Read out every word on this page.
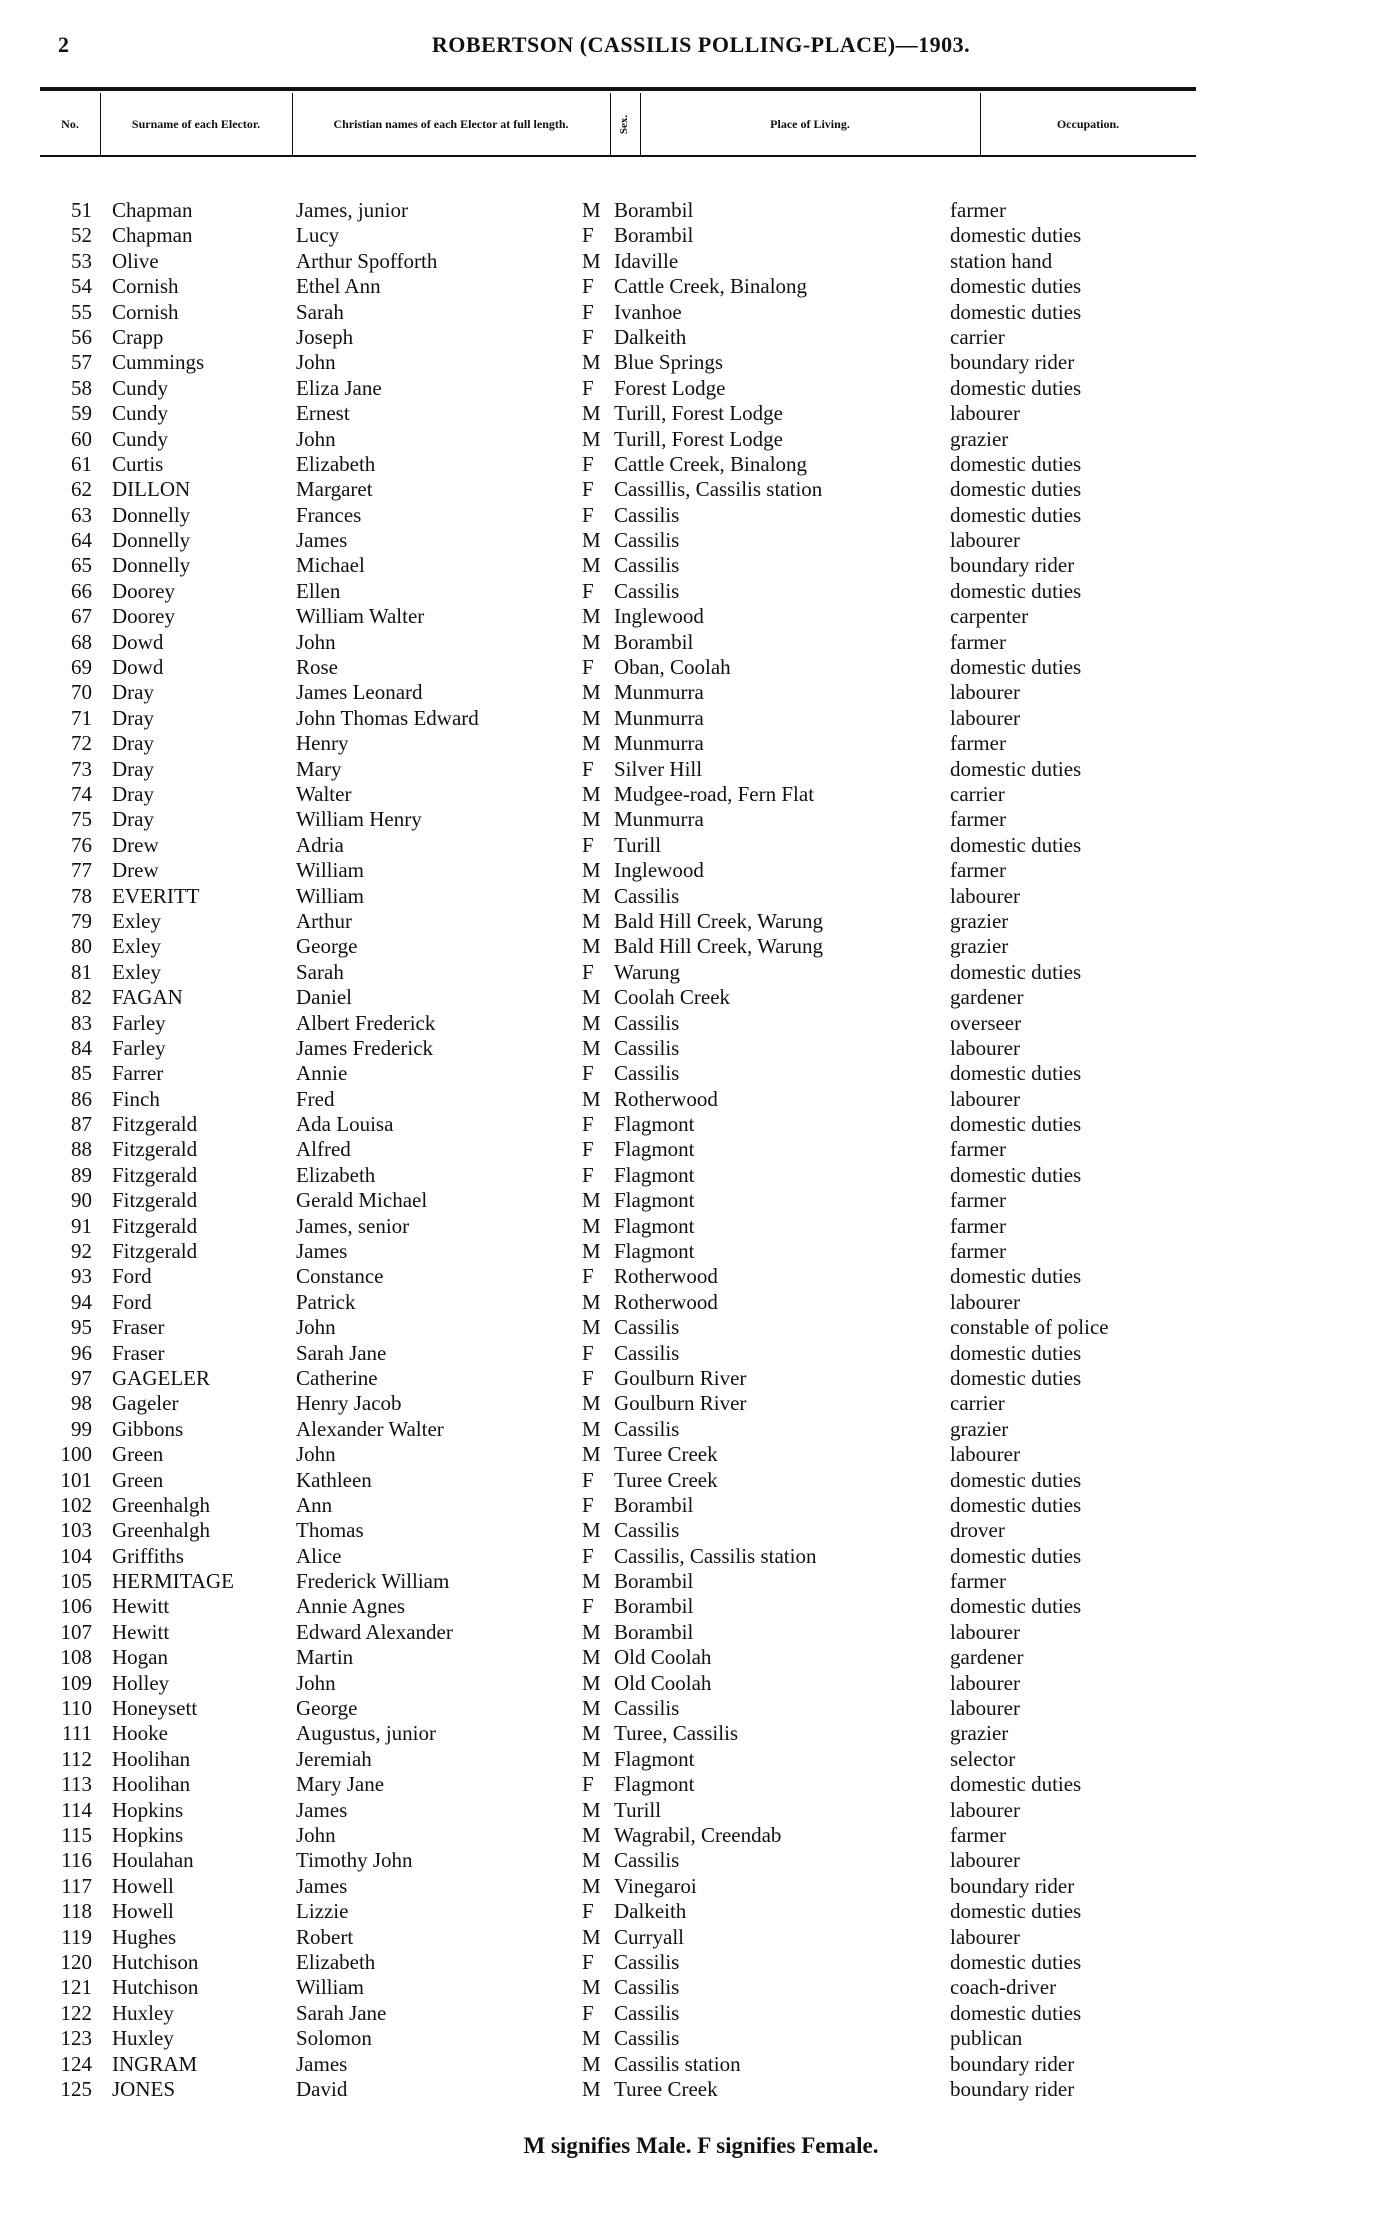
2	ROBERTSON (CASSILIS POLLING-PLACE)—1903.
No.	Surname of each Elector.	Christian names of each Elector at full length.	Sex.	Place of Living.	Occupation.
51 Chapman	James, junior	M Borambil	farmer
52 Chapman	Lucy	F Borambil	domestic duties
53 Olive	Arthur Spofforth	M Idaville	station hand
54 Cornish	Ethel Ann	F Cattle Creek, Binalong	domestic duties
55 Cornish	Sarah	F Ivanhoe	domestic duties
56 Crapp	Joseph	F Dalkeith	carrier
57 Cummings	John	M Blue Springs	boundary rider
58 Cundy	Eliza Jane	F Forest Lodge	domestic duties
59 Cundy	Ernest	M Turill, Forest Lodge	labourer
60 Cundy	John	M Turill, Forest Lodge	grazier
61 Curtis	Elizabeth	F Cattle Creek, Binalong	domestic duties
62 DILLON	Margaret	F Cassillis, Cassilis station	domestic duties
63 Donnelly	Frances	F Cassilis	domestic duties
64 Donnelly	James	M Cassilis	labourer
65 Donnelly	Michael	M Cassilis	boundary rider
66 Doorey	Ellen	F Cassilis	domestic duties
67 Doorey	William Walter	M Inglewood	carpenter
68 Dowd	John	M Borambil	farmer
69 Dowd	Rose	F Oban, Coolah	domestic duties
70 Dray	James Leonard	M Munmurra	labourer
71 Dray	John Thomas Edward	M Munmurra	labourer
72 Dray	Henry	M Munmurra	farmer
73 Dray	Mary	F Silver Hill	domestic duties
74 Dray	Walter	M Mudgee-road, Fern Flat	carrier
75 Dray	William Henry	M Munmurra	farmer
76 Drew	Adria	F Turill	domestic duties
77 Drew	William	M Inglewood	farmer
78 EVERITT	William	M Cassilis	labourer
79 Exley	Arthur	M Bald Hill Creek, Warung	grazier
80 Exley	George	M Bald Hill Creek, Warung	grazier
81 Exley	Sarah	F Warung	domestic duties
82 FAGAN	Daniel	M Coolah Creek	gardener
83 Farley	Albert Frederick	M Cassilis	overseer
84 Farley	James Frederick	M Cassilis	labourer
85 Farrer	Annie	F Cassilis	domestic duties
86 Finch	Fred	M Rotherwood	labourer
87 Fitzgerald	Ada Louisa	F Flagmont	domestic duties
88 Fitzgerald	Alfred	F Flagmont	farmer
89 Fitzgerald	Elizabeth	F Flagmont	domestic duties
90 Fitzgerald	Gerald Michael	M Flagmont	farmer
91 Fitzgerald	James, senior	M Flagmont	farmer
92 Fitzgerald	James	M Flagmont	farmer
93 Ford	Constance	F Rotherwood	domestic duties
94 Ford	Patrick	M Rotherwood	labourer
95 Fraser	John	M Cassilis	constable of police
96 Fraser	Sarah Jane	F Cassilis	domestic duties
97 GAGELER	Catherine	F Goulburn River	domestic duties
98 Gageler	Henry Jacob	M Goulburn River	carrier
99 Gibbons	Alexander Walter	M Cassilis	grazier
100 Green	John	M Turee Creek	labourer
101 Green	Kathleen	F Turee Creek	domestic duties
102 Greenhalgh	Ann	F Borambil	domestic duties
103 Greenhalgh	Thomas	M Cassilis	drover
104 Griffiths	Alice	F Cassilis, Cassilis station	domestic duties
105 HERMITAGE	Frederick William	M Borambil	farmer
106 Hewitt	Annie Agnes	F Borambil	domestic duties
107 Hewitt	Edward Alexander	M Borambil	labourer
108 Hogan	Martin	M Old Coolah	gardener
109 Holley	John	M Old Coolah	labourer
110 Honeysett	George	M Cassilis	labourer
111 Hooke	Augustus, junior	M Turee, Cassilis	grazier
112 Hoolihan	Jeremiah	M Flagmont	selector
113 Hoolihan	Mary Jane	F Flagmont	domestic duties
114 Hopkins	James	M Turill	labourer
115 Hopkins	John	M Wagrabil, Creendab	farmer
116 Houlahan	Timothy John	M Cassilis	labourer
117 Howell	James	M Vinegaroi	boundary rider
118 Howell	Lizzie	F Dalkeith	domestic duties
119 Hughes	Robert	M Curryall	labourer
120 Hutchison	Elizabeth	F Cassilis	domestic duties
121 Hutchison	William	M Cassilis	coach-driver
122 Huxley	Sarah Jane	F Cassilis	domestic duties
123 Huxley	Solomon	M Cassilis	publican
124 INGRAM	James	M Cassilis station	boundary rider
125 JONES	David	M Turee Creek	boundary rider
M signifies Male. F signifies Female.
